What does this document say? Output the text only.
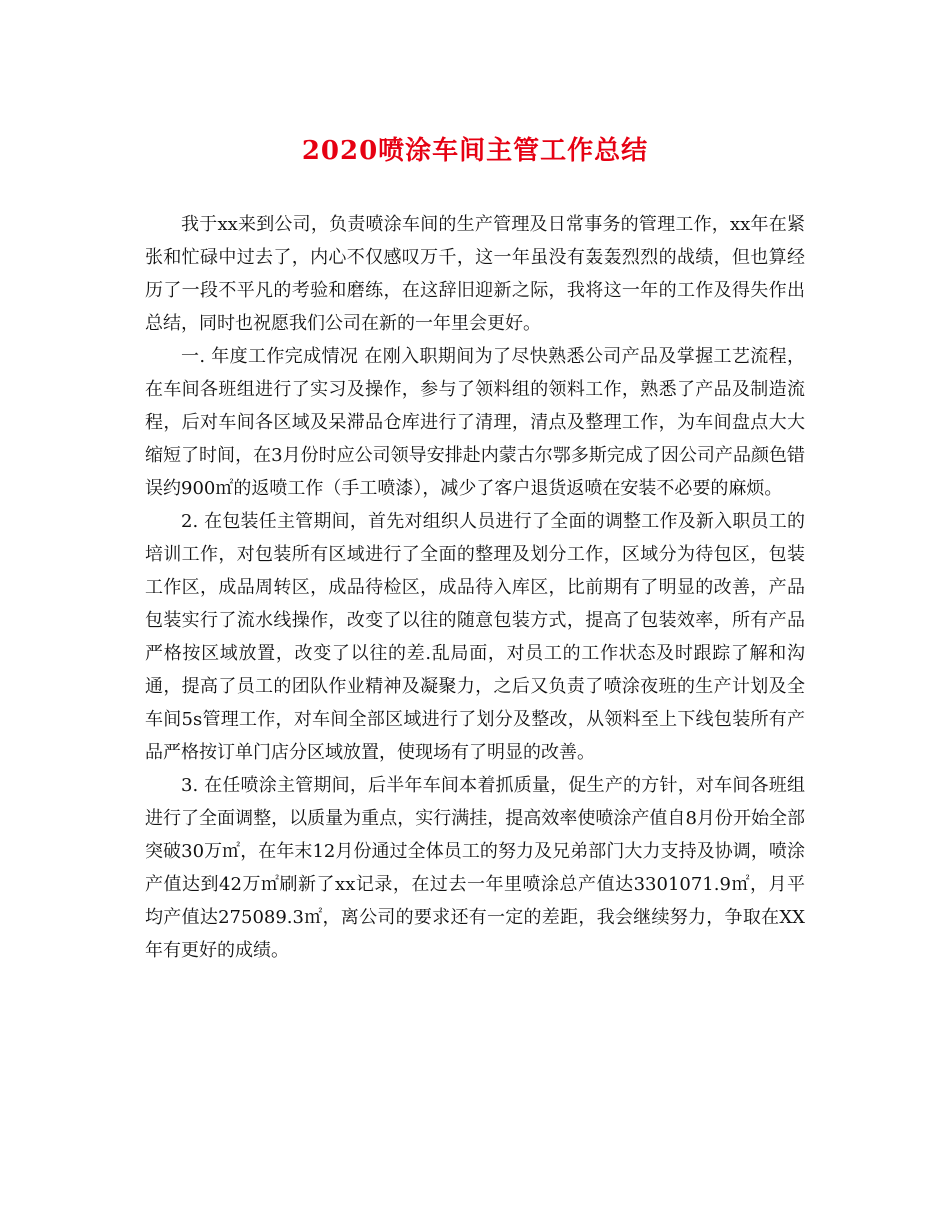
2020喷涂车间主管工作总结

我于xx来到公司，负责喷涂车间的生产管理及日常事务的管理工作，xx年在紧张和忙碌中过去了，内心不仅感叹万千，这一年虽没有轰轰烈烈的战绩，但也算经历了一段不平凡的考验和磨练，在这辞旧迎新之际，我将这一年的工作及得失作出总结，同时也祝愿我们公司在新的一年里会更好。

一. 年度工作完成情况 在刚入职期间为了尽快熟悉公司产品及掌握工艺流程，在车间各班组进行了实习及操作，参与了领料组的领料工作，熟悉了产品及制造流程，后对车间各区域及呆滞品仓库进行了清理，清点及整理工作，为车间盘点大大缩短了时间，在3月份时应公司领导安排赴内蒙古尔鄂多斯完成了因公司产品颜色错误约900㎡的返喷工作（手工喷漆），减少了客户退货返喷在安装不必要的麻烦。

2. 在包装任主管期间，首先对组织人员进行了全面的调整工作及新入职员工的培训工作，对包装所有区域进行了全面的整理及划分工作，区域分为待包区，包装工作区，成品周转区，成品待检区，成品待入库区，比前期有了明显的改善，产品包装实行了流水线操作，改变了以往的随意包装方式，提高了包装效率，所有产品严格按区域放置，改变了以往的差.乱局面，对员工的工作状态及时跟踪了解和沟通，提高了员工的团队作业精神及凝聚力，之后又负责了喷涂夜班的生产计划及全车间5s管理工作，对车间全部区域进行了划分及整改，从领料至上下线包装所有产品严格按订单门店分区域放置，使现场有了明显的改善。

3. 在任喷涂主管期间，后半年车间本着抓质量，促生产的方针，对车间各班组进行了全面调整，以质量为重点，实行满挂，提高效率使喷涂产值自8月份开始全部突破30万㎡，在年末12月份通过全体员工的努力及兄弟部门大力支持及协调，喷涂产值达到42万㎡刷新了xx记录，在过去一年里喷涂总产值达3301071.9㎡，月平均产值达275089.3㎡，离公司的要求还有一定的差距，我会继续努力，争取在XX年有更好的成绩。
